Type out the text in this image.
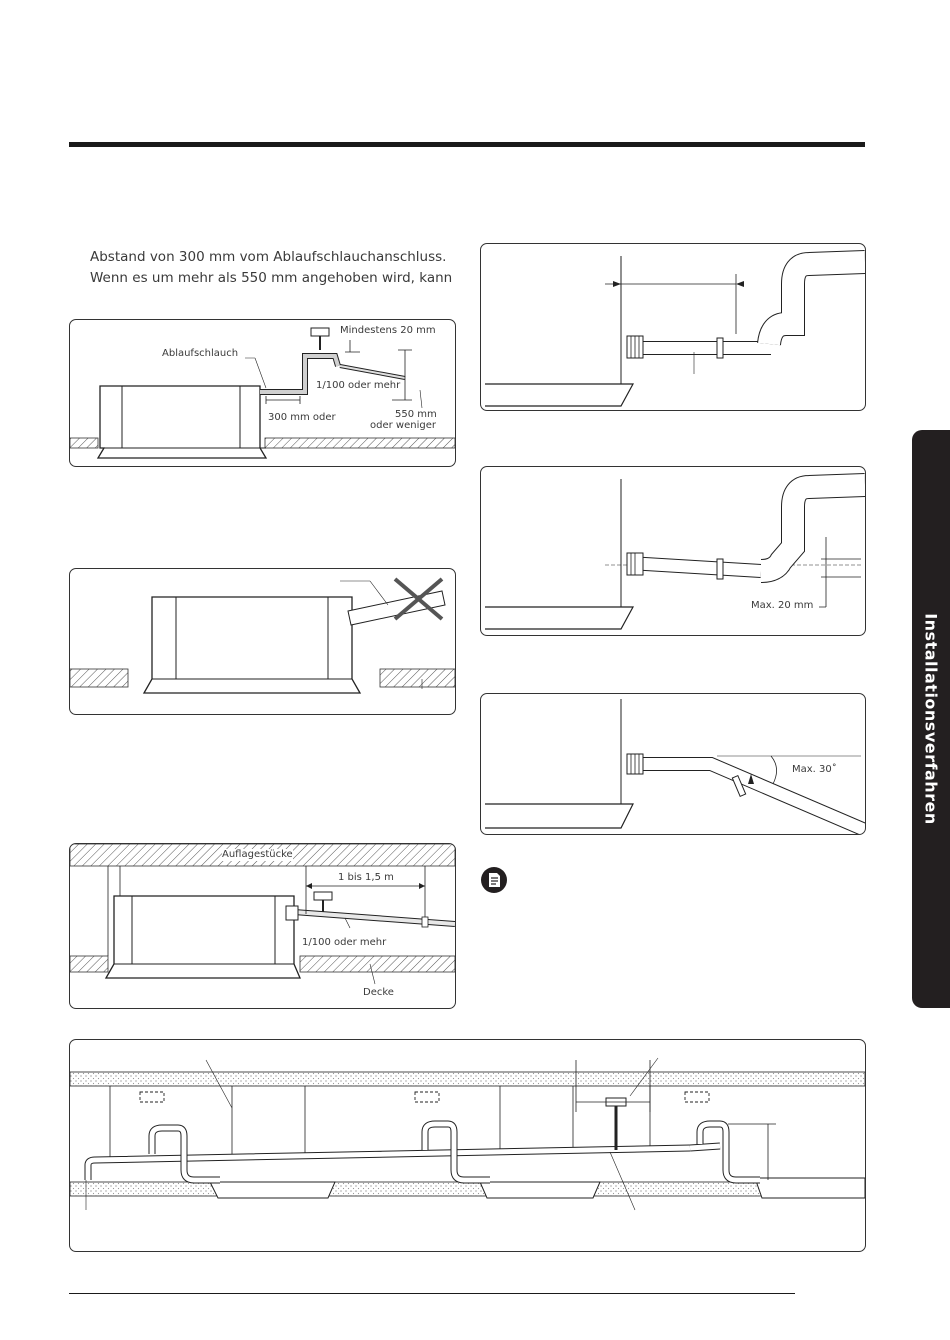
Abstand von 300 mm vom Ablaufschlauchanschluss.
Wenn es um mehr als 550 mm angehoben wird, kann

Ablaufschlauch
Mindestens 20 mm
1/100 oder mehr
300 mm oder	550 mm
oder weniger
Auflagestücke
1 bis 1,5 m
1/100 oder mehr
Decke
Max. 20 mm
Max. 30˚	Installationsverfahren
